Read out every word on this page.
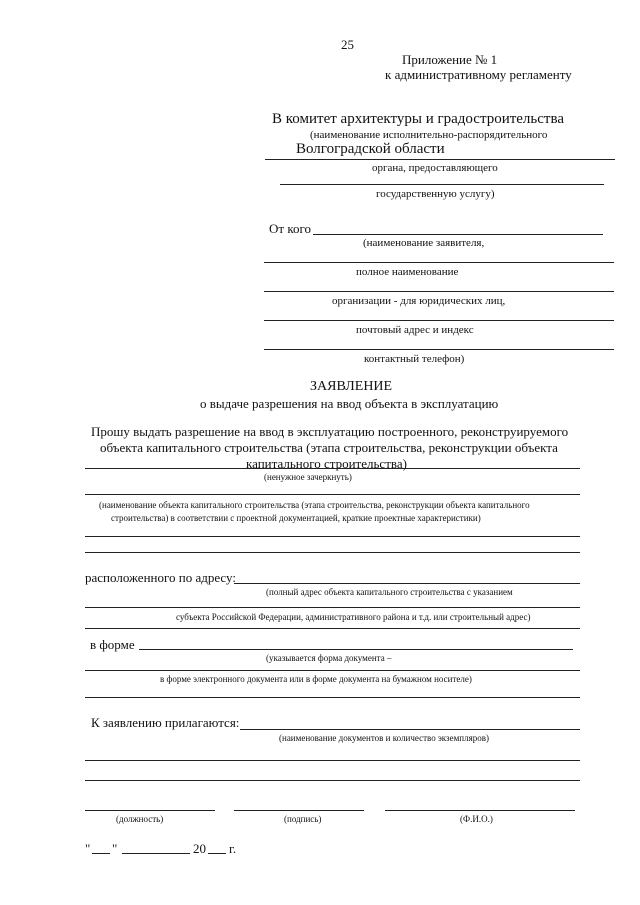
25
Приложение № 1
к административному регламенту
В комитет архитектуры и градостроительства
(наименование исполнительно-распорядительного
Волгоградской области
органа, предоставляющего
государственную услугу)
От кого
(наименование заявителя,
полное наименование
организации - для юридических лиц,
почтовый адрес и индекс
контактный телефон)
ЗАЯВЛЕНИЕ
о выдаче разрешения на ввод объекта в эксплуатацию
Прошу выдать разрешение на ввод в эксплуатацию построенного, реконструируемого
объекта капитального строительства (этапа строительства, реконструкции объекта
капитального строительства)
(ненужное зачеркнуть)
(наименование объекта капитального строительства (этапа строительства, реконструкции объекта капитального
строительства) в соответствии с проектной документацией, краткие проектные характеристики)
расположенного по адресу:
(полный адрес объекта капитального строительства с указанием
субъекта Российской Федерации, административного района и т.д. или строительный адрес)
в форме
(указывается форма документа –
в форме электронного документа или в форме документа на бумажном носителе)
К заявлению прилагаются:
(наименование документов и количество экземпляров)
(должность)	(подпись)	(Ф.И.О.)
" "	20 г.
